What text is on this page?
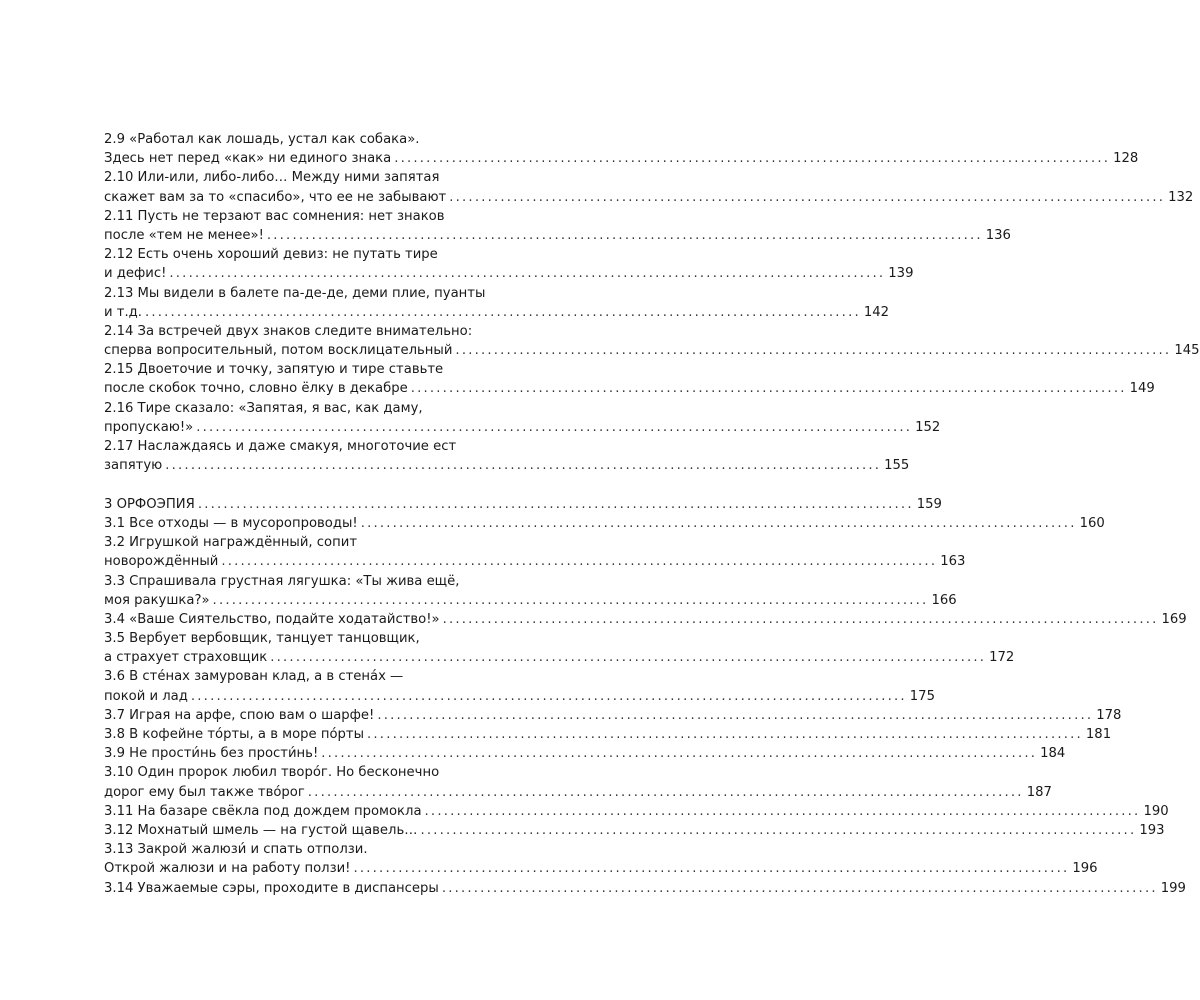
2.9 «Работал как лошадь, устал как собака».
Здесь нет перед «как» ни единого знака ................................................................................................................ 128
2.10 Или-или, либо-либо… Между ними запятая
скажет вам за то «спасибо», что ее не забывают ................................................................................................................ 132
2.11 Пусть не терзают вас сомнения: нет знаков
после «тем не менее»! ................................................................................................................ 136
2.12 Есть очень хороший девиз: не путать тире
и дефис! ................................................................................................................ 139
2.13 Мы видели в балете па-де-де, деми плие, пуанты
и т.д. ................................................................................................................ 142
2.14 За встречей двух знаков следите внимательно:
сперва вопросительный, потом восклицательный ................................................................................................................ 145
2.15 Двоеточие и точку, запятую и тире ставьте
после скобок точно, словно ёлку в декабре ................................................................................................................ 149
2.16 Тире сказало: «Запятая, я вас, как даму,
пропускаю!» ................................................................................................................ 152
2.17 Наслаждаясь и даже смакуя, многоточие ест
запятую ................................................................................................................ 155
3 ОРФОЭПИЯ ................................................................................................................ 159
3.1 Все отходы — в мусоропроводы! ................................................................................................................ 160
3.2 Игрушкой награждённый, сопит
новорождённый ................................................................................................................ 163
3.3 Спрашивала грустная лягушка: «Ты жива ещё,
моя ракушка?» ................................................................................................................ 166
3.4 «Ваше Сиятельство, подайте ходатайство!» ................................................................................................................ 169
3.5 Вербует вербовщик, танцует танцовщик,
а страхует страховщик ................................................................................................................ 172
3.6 В сте́нах замурован клад, а в стена́х —
покой и лад ................................................................................................................ 175
3.7 Играя на арфе, спою вам о шарфе! ................................................................................................................ 178
3.8 В кофейне то́рты, а в море по́рты ................................................................................................................ 181
3.9 Не прости́нь без прости́нь! ................................................................................................................ 184
3.10 Один пророк любил творо́г. Но бесконечно
дорог ему был также тво́рог ................................................................................................................ 187
3.11 На базаре свёкла под дождем промокла ................................................................................................................ 190
3.12 Мохнатый шмель — на густой щавель… ................................................................................................................ 193
3.13 Закрой жалюзи́ и спать отползи.
Открой жалюзи и на работу ползи! ................................................................................................................ 196
3.14 Уважаемые сэры, проходите в диспансеры ................................................................................................................ 199
